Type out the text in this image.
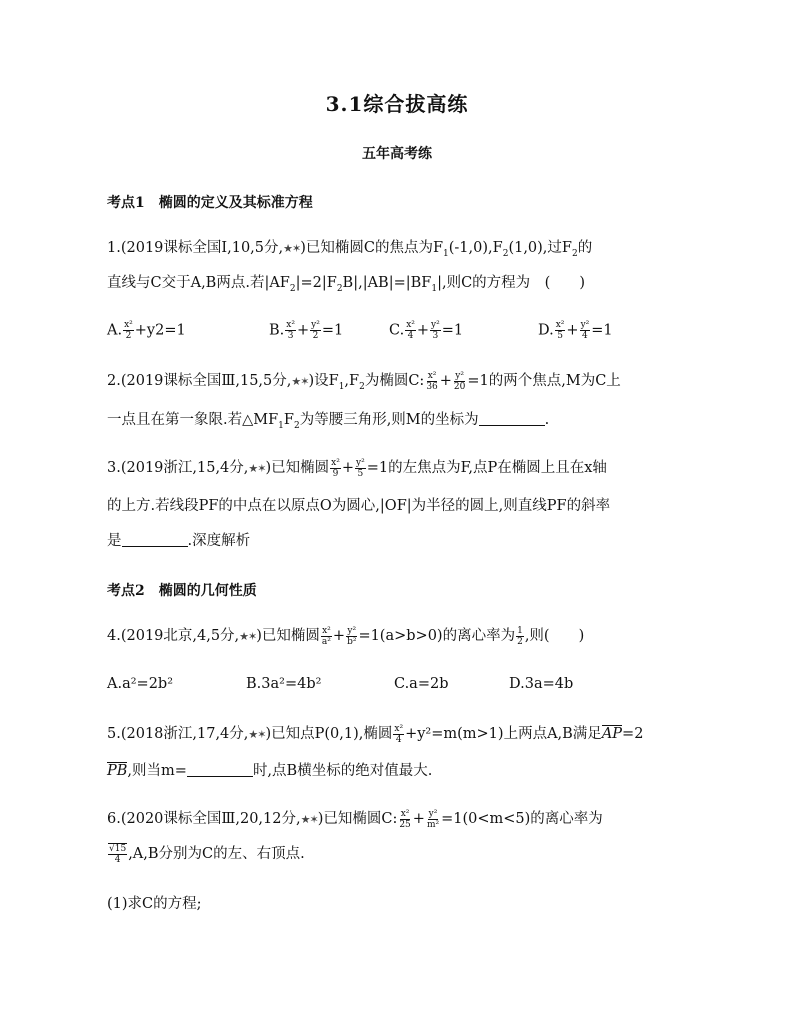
3.1综合拔高练
五年高考练
考点1　椭圆的定义及其标准方程
1.(2019课标全国Ⅰ,10,5分,★✶)已知椭圆C的焦点为$F_1(-1,0),F_2(1,0)$,过$F_2$的
直线与C交于A,B两点.若$|AF_2|=2|F_2B|,|AB|=|BF_1|$,则C的方程为　(　　)
A. $\frac{\text{x²}}{2} +y2=1$	B. $\frac{\text{x²}}{3} + \frac{\text{y²}}{2} =1$	C. $\frac{\text{x²}}{4} + \frac{\text{y²}}{3} =1$	D. $\frac{\text{x²}}{5} + \frac{\text{y²}}{4} =1$
2.(2019课标全国Ⅲ,15,5分,★✶)设$F_1,F_2$为椭圆C: $\frac{\text{x²}}{36} + \frac{\text{y²}}{20} =1$的两个焦点,M为C上
一点且在第一象限.若$\triangle MF_1F_2$为等腰三角形,则M的坐标为	.
3.(2019浙江,15,4分,★✶)已知椭圆 $\frac{\text{x²}}{9} + \frac{\text{y²}}{5} =1$的左焦点为F,点P在椭圆上且在x轴
的上方.若线段PF的中点在以原点O为圆心,|OF|为半径的圆上,则直线PF的斜率
是	.深度解析
考点2　椭圆的几何性质
4.(2019北京,4,5分,★✶)已知椭圆 $\frac{\text{x²}}{\text{a²}} + \frac{\text{y²}}{\text{b²}} =1(a>b>0)$的离心率为 $\frac{1}{2}$ ,则(　　)
A.a²=2b²	B.3a²=4b²	C.a=2b	D.3a=4b
5.(2018浙江,17,4分,★✶)已知点P(0,1),椭圆 $\frac{\text{x²}}{4} +y^2=m(m>1)$上两点A,B满足AP=2
PB,则当m=	时,点B横坐标的绝对值最大.
6.(2020课标全国Ⅲ,20,12分,★✶)已知椭圆C: $\frac{\text{x²}}{25} + \frac{\text{y²}}{\text{m²}} =1(0<m<5)$的离心率为
$\frac{√15}{4} ,A,B$分别为C的左、右顶点.
(1)求C的方程;
